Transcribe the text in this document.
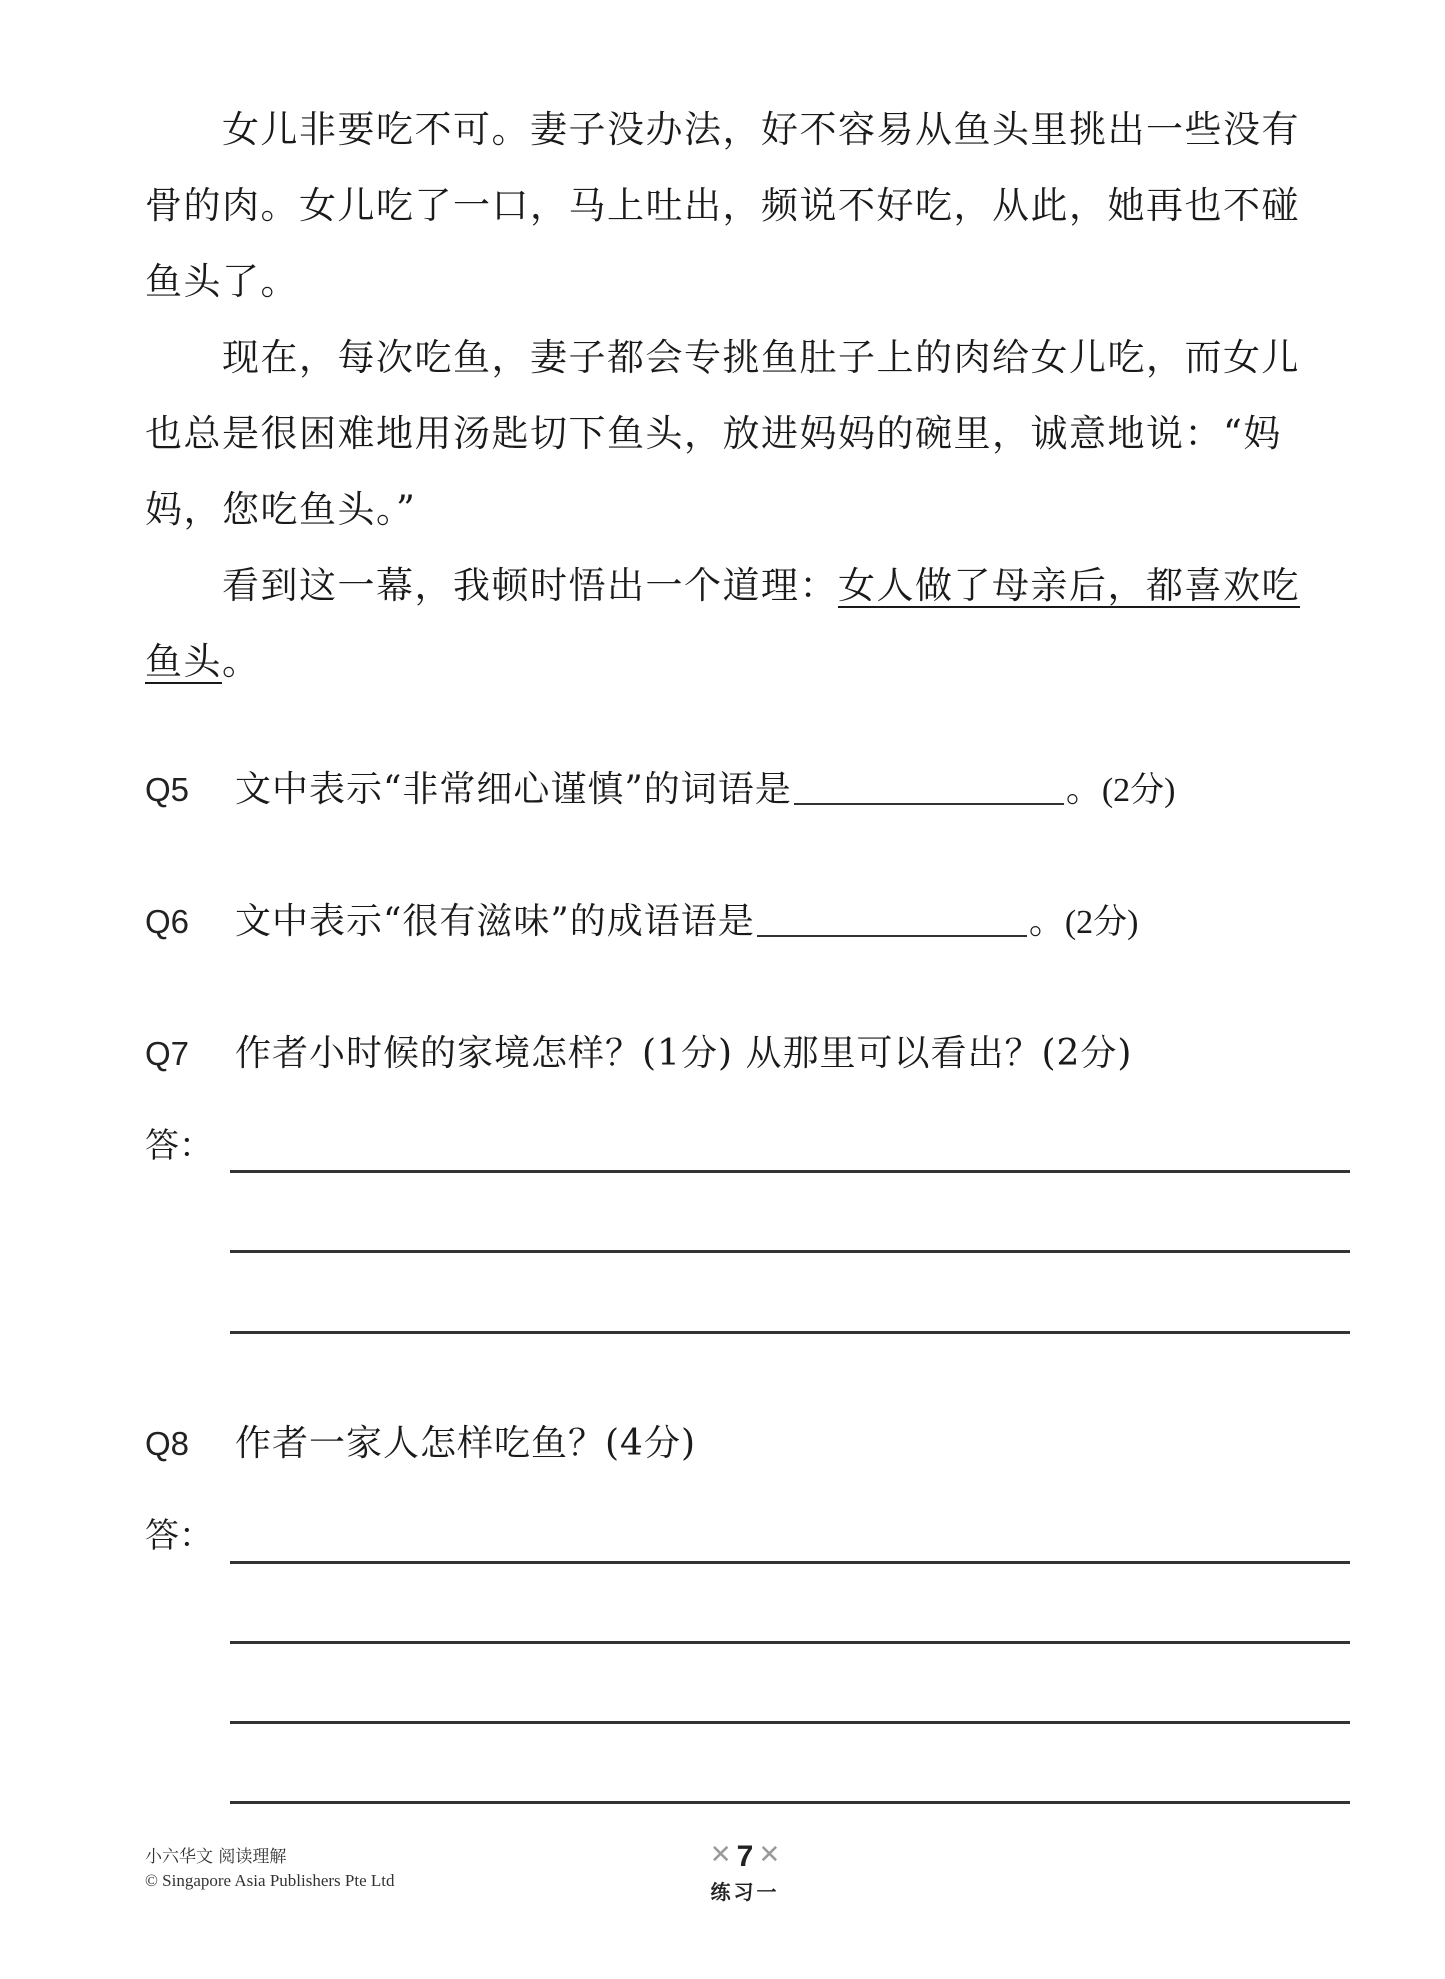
女儿非要吃不可。妻子没办法，好不容易从鱼头里挑出一些没有
骨的肉。女儿吃了一口，马上吐出，频说不好吃，从此，她再也不碰
鱼头了。
现在，每次吃鱼，妻子都会专挑鱼肚子上的肉给女儿吃，而女儿
也总是很困难地用汤匙切下鱼头，放进妈妈的碗里，诚意地说：“妈
妈，您吃鱼头。”
看到这一幕，我顿时悟出一个道理：女人做了母亲后，都喜欢吃
鱼头。
Q5 文中表示“非常细心谨慎”的词语是	。(2分)
Q6 文中表示“很有滋味”的成语语是	。(2分)
Q7 作者小时候的家境怎样？(1分) 从那里可以看出？(2分)
答：
Q8 作者一家人怎样吃鱼？(4分)
答：
小六华文 阅读理解
© Singapore Asia Publishers Pte Ltd
✕ 7 ✕
练习一
